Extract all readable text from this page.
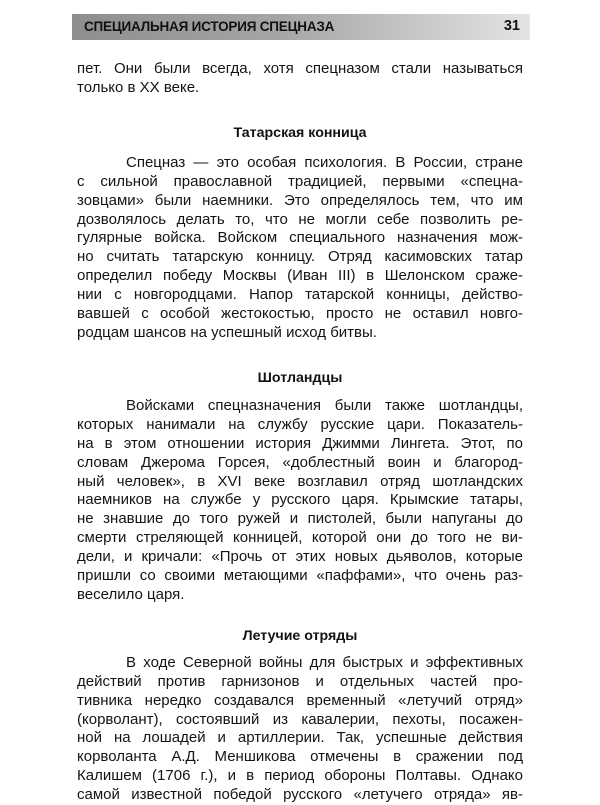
СПЕЦИАЛЬНАЯ ИСТОРИЯ СПЕЦНАЗА	31
пет. Они были всегда, хотя спецназом стали называться
только в XX веке.
Татарская конница
Спецназ — это особая психология. В России, стране
с сильной православной традицией, первыми «спецна-
зовцами» были наемники. Это определялось тем, что им
дозволялось делать то, что не могли себе позволить ре-
гулярные войска. Войском специального назначения мож-
но считать татарскую конницу. Отряд касимовских татар
определил победу Москвы (Иван III) в Шелонском сраже-
нии с новгородцами. Напор татарской конницы, действо-
вавшей с особой жестокостью, просто не оставил новго-
родцам шансов на успешный исход битвы.
Шотландцы
Войсками спецназначения были также шотландцы,
которых нанимали на службу русские цари. Показатель-
на в этом отношении история Джимми Лингета. Этот, по
словам Джерома Горсея, «доблестный воин и благород-
ный человек», в XVI веке возглавил отряд шотландских
наемников на службе у русского царя. Крымские татары,
не знавшие до того ружей и пистолей, были напуганы до
смерти стреляющей конницей, которой они до того не ви-
дели, и кричали: «Прочь от этих новых дьяволов, которые
пришли со своими метающими «паффами», что очень раз-
веселило царя.
Летучие отряды
В ходе Северной войны для быстрых и эффективных
действий против гарнизонов и отдельных частей про-
тивника нередко создавался временный «летучий отряд»
(корволант), состоявший из кавалерии, пехоты, посажен-
ной на лошадей и артиллерии. Так, успешные действия
корволанта А.Д. Меншикова отмечены в сражении под
Калишем (1706 г.), и в период обороны Полтавы. Однако
самой известной победой русского «летучего отряда» яв-
